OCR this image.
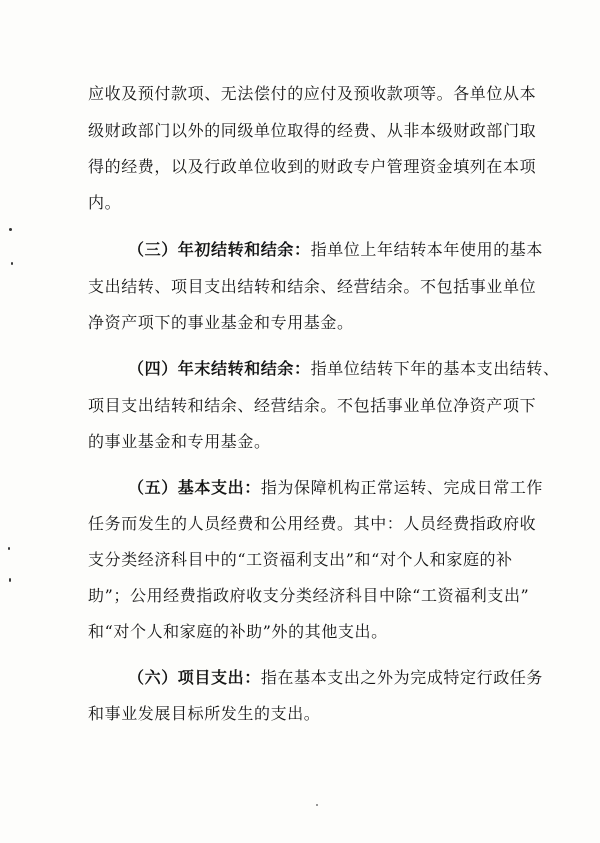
应收及预付款项、无法偿付的应付及预收款项等。各单位从本
级财政部门以外的同级单位取得的经费、从非本级财政部门取
得的经费，以及行政单位收到的财政专户管理资金填列在本项
内。
（三）年初结转和结余：指单位上年结转本年使用的基本
支出结转、项目支出结转和结余、经营结余。不包括事业单位
净资产项下的事业基金和专用基金。
（四）年末结转和结余：指单位结转下年的基本支出结转、
项目支出结转和结余、经营结余。不包括事业单位净资产项下
的事业基金和专用基金。
（五）基本支出：指为保障机构正常运转、完成日常工作
任务而发生的人员经费和公用经费。其中：人员经费指政府收
支分类经济科目中的“工资福利支出”和“对个人和家庭的补
助”；公用经费指政府收支分类经济科目中除“工资福利支出”
和“对个人和家庭的补助”外的其他支出。
（六）项目支出：指在基本支出之外为完成特定行政任务
和事业发展目标所发生的支出。
